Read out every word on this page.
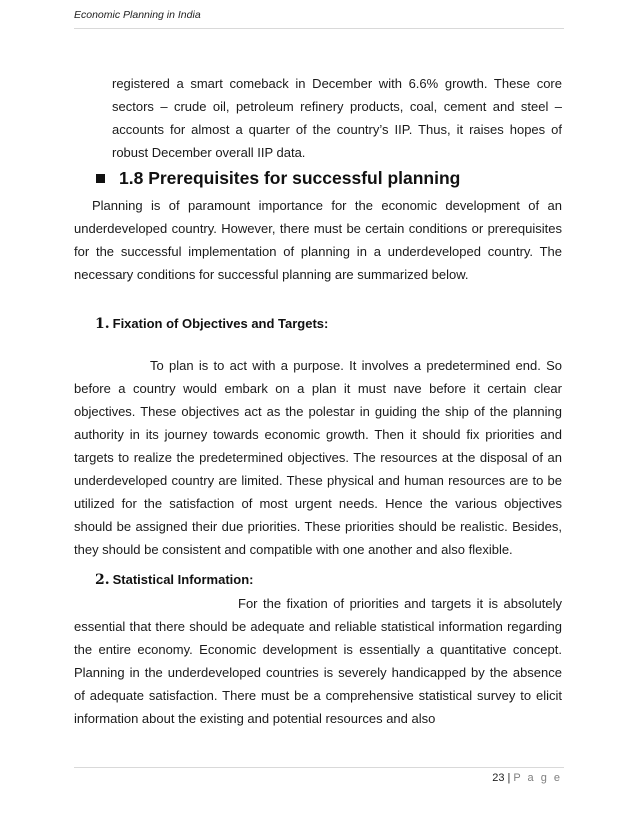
Economic Planning in India

registered a smart comeback in December with 6.6% growth. These core sectors – crude oil, petroleum refinery products, coal, cement and steel – accounts for almost a quarter of the country’s IIP. Thus, it raises hopes of robust December overall IIP data.

1.8 Prerequisites for successful planning

Planning is of paramount importance for the economic development of an underdeveloped country. However, there must be certain conditions or prerequisites for the successful implementation of planning in a underdeveloped country. The necessary conditions for successful planning are summarized below.

1. Fixation of Objectives and Targets:

To plan is to act with a purpose. It involves a predetermined end. So before a country would embark on a plan it must nave before it certain clear objectives. These objectives act as the polestar in guiding the ship of the planning authority in its journey towards economic growth. Then it should fix priorities and targets to realize the predetermined objectives. The resources at the disposal of an underdeveloped country are limited. These physical and human resources are to be utilized for the satisfaction of most urgent needs. Hence the various objectives should be assigned their due priorities. These priorities should be realistic. Besides, they should be consistent and compatible with one another and also flexible.

2. Statistical Information:

For the fixation of priorities and targets it is absolutely essential that there should be adequate and reliable statistical information regarding the entire economy. Economic development is essentially a quantitative concept. Planning in the underdeveloped countries is severely handicapped by the absence of adequate satisfaction. There must be a comprehensive statistical survey to elicit information about the existing and potential resources and also

23 | P a g e
